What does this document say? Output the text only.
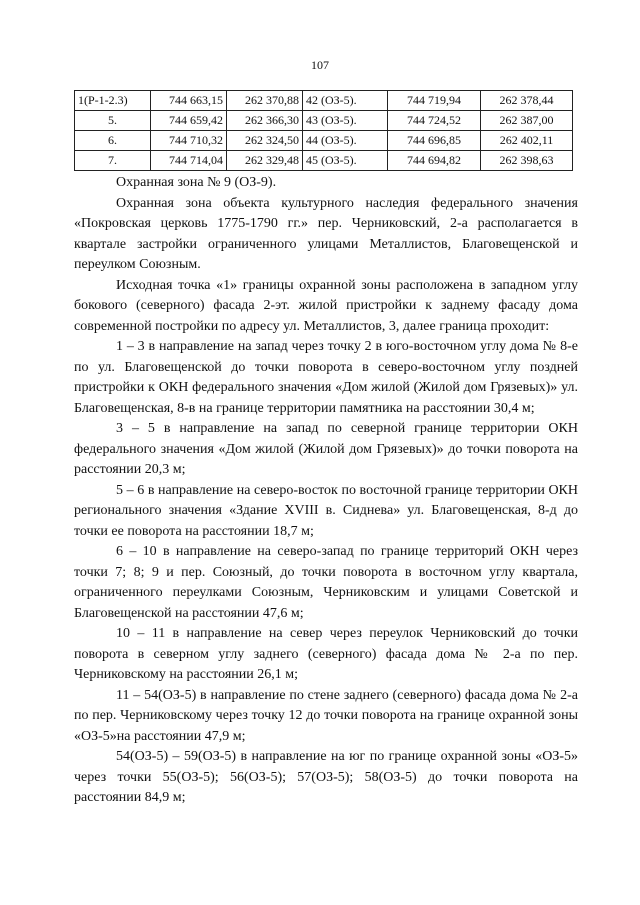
107
1(Р-1-2.3)	744 663,15	262 370,88	42 (ОЗ-5).	744 719,94	262 378,44
5.	744 659,42	262 366,30	43 (ОЗ-5).	744 724,52	262 387,00
6.	744 710,32	262 324,50	44 (ОЗ-5).	744 696,85	262 402,11
7.	744 714,04	262 329,48	45 (ОЗ-5).	744 694,82	262 398,63

Охранная зона № 9 (ОЗ-9).

Охранная зона объекта культурного наследия федерального значения «Покровская церковь 1775-1790 гг.» пер. Черниковский, 2-а располагается в квартале застройки ограниченного улицами Металлистов, Благовещенской и переулком Союзным.

Исходная точка «1» границы охранной зоны расположена в западном углу бокового (северного) фасада 2-эт. жилой пристройки к заднему фасаду дома современной постройки по адресу ул. Металлистов, 3, далее граница проходит:

1 – 3 в направление на запад через точку 2 в юго-восточном углу дома № 8-е по ул. Благовещенской до точки поворота в северо-восточном углу поздней пристройки к ОКН федерального значения «Дом жилой (Жилой дом Грязевых)» ул. Благовещенская, 8-в на границе территории памятника на расстоянии 30,4 м;

3 – 5 в направление на запад по северной границе территории ОКН федерального значения «Дом жилой (Жилой дом Грязевых)» до точки поворота на расстоянии 20,3 м;

5 – 6 в направление на северо-восток по восточной границе территории ОКН регионального значения «Здание XVIII в. Сиднева» ул. Благовещенская, 8-д до точки ее поворота на расстоянии 18,7 м;

6 – 10 в направление на северо-запад по границе территорий ОКН через точки 7; 8; 9 и пер. Союзный, до точки поворота в восточном углу квартала, ограниченного переулками Союзным, Черниковским и улицами Советской и Благовещенской на расстоянии 47,6 м;

10 – 11 в направление на север через переулок Черниковский до точки поворота в северном углу заднего (северного) фасада дома № 2-а по пер. Черниковскому на расстоянии 26,1 м;

11 – 54(ОЗ-5) в направление по стене заднего (северного) фасада дома № 2-а по пер. Черниковскому через точку 12 до точки поворота на границе охранной зоны «ОЗ-5»на расстоянии 47,9 м;

54(ОЗ-5) – 59(ОЗ-5) в направление на юг по границе охранной зоны «ОЗ-5» через точки 55(ОЗ-5); 56(ОЗ-5); 57(ОЗ-5); 58(ОЗ-5) до точки поворота на расстоянии 84,9 м;
